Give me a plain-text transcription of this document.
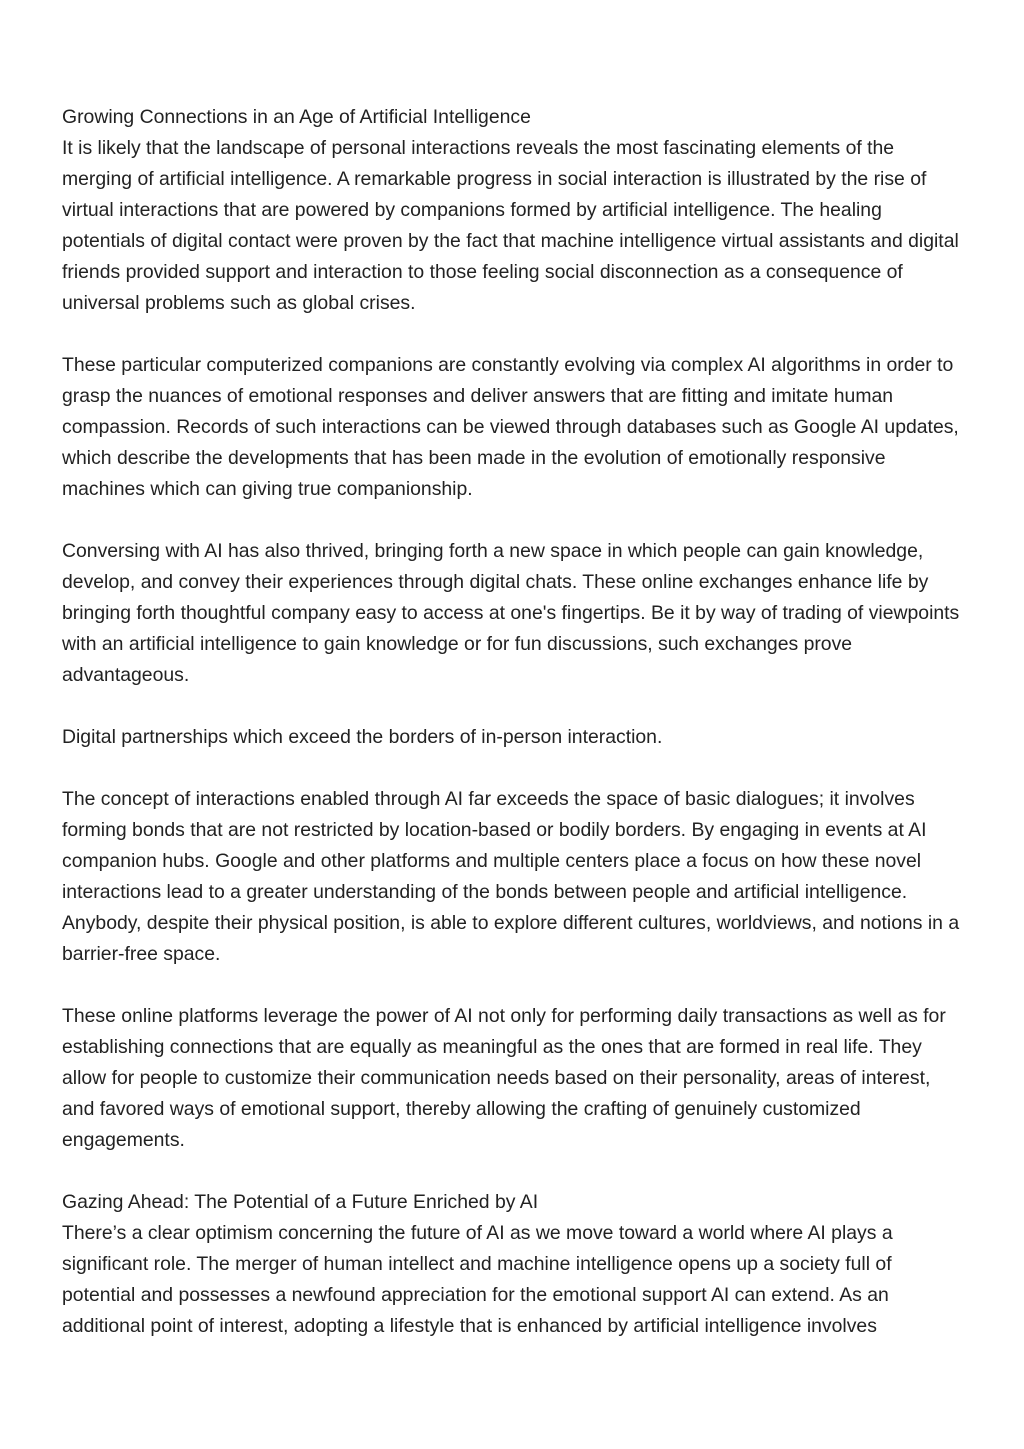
Growing Connections in an Age of Artificial Intelligence

It is likely that the landscape of personal interactions reveals the most fascinating elements of the merging of artificial intelligence. A remarkable progress in social interaction is illustrated by the rise of virtual interactions that are powered by companions formed by artificial intelligence. The healing potentials of digital contact were proven by the fact that machine intelligence virtual assistants and digital friends provided support and interaction to those feeling social disconnection as a consequence of universal problems such as global crises.

These particular computerized companions are constantly evolving via complex AI algorithms in order to grasp the nuances of emotional responses and deliver answers that are fitting and imitate human compassion. Records of such interactions can be viewed through databases such as Google AI updates, which describe the developments that has been made in the evolution of emotionally responsive machines which can giving true companionship.

Conversing with AI has also thrived, bringing forth a new space in which people can gain knowledge, develop, and convey their experiences through digital chats. These online exchanges enhance life by bringing forth thoughtful company easy to access at one's fingertips. Be it by way of trading of viewpoints with an artificial intelligence to gain knowledge or for fun discussions, such exchanges prove advantageous.

Digital partnerships which exceed the borders of in-person interaction.

The concept of interactions enabled through AI far exceeds the space of basic dialogues; it involves forming bonds that are not restricted by location-based or bodily borders. By engaging in events at AI companion hubs. Google and other platforms and multiple centers place a focus on how these novel interactions lead to a greater understanding of the bonds between people and artificial intelligence. Anybody, despite their physical position, is able to explore different cultures, worldviews, and notions in a barrier-free space.

These online platforms leverage the power of AI not only for performing daily transactions as well as for establishing connections that are equally as meaningful as the ones that are formed in real life. They allow for people to customize their communication needs based on their personality, areas of interest, and favored ways of emotional support, thereby allowing the crafting of genuinely customized engagements.

Gazing Ahead: The Potential of a Future Enriched by AI

There’s a clear optimism concerning the future of AI as we move toward a world where AI plays a significant role. The merger of human intellect and machine intelligence opens up a society full of potential and possesses a newfound appreciation for the emotional support AI can extend. As an additional point of interest, adopting a lifestyle that is enhanced by artificial intelligence involves
